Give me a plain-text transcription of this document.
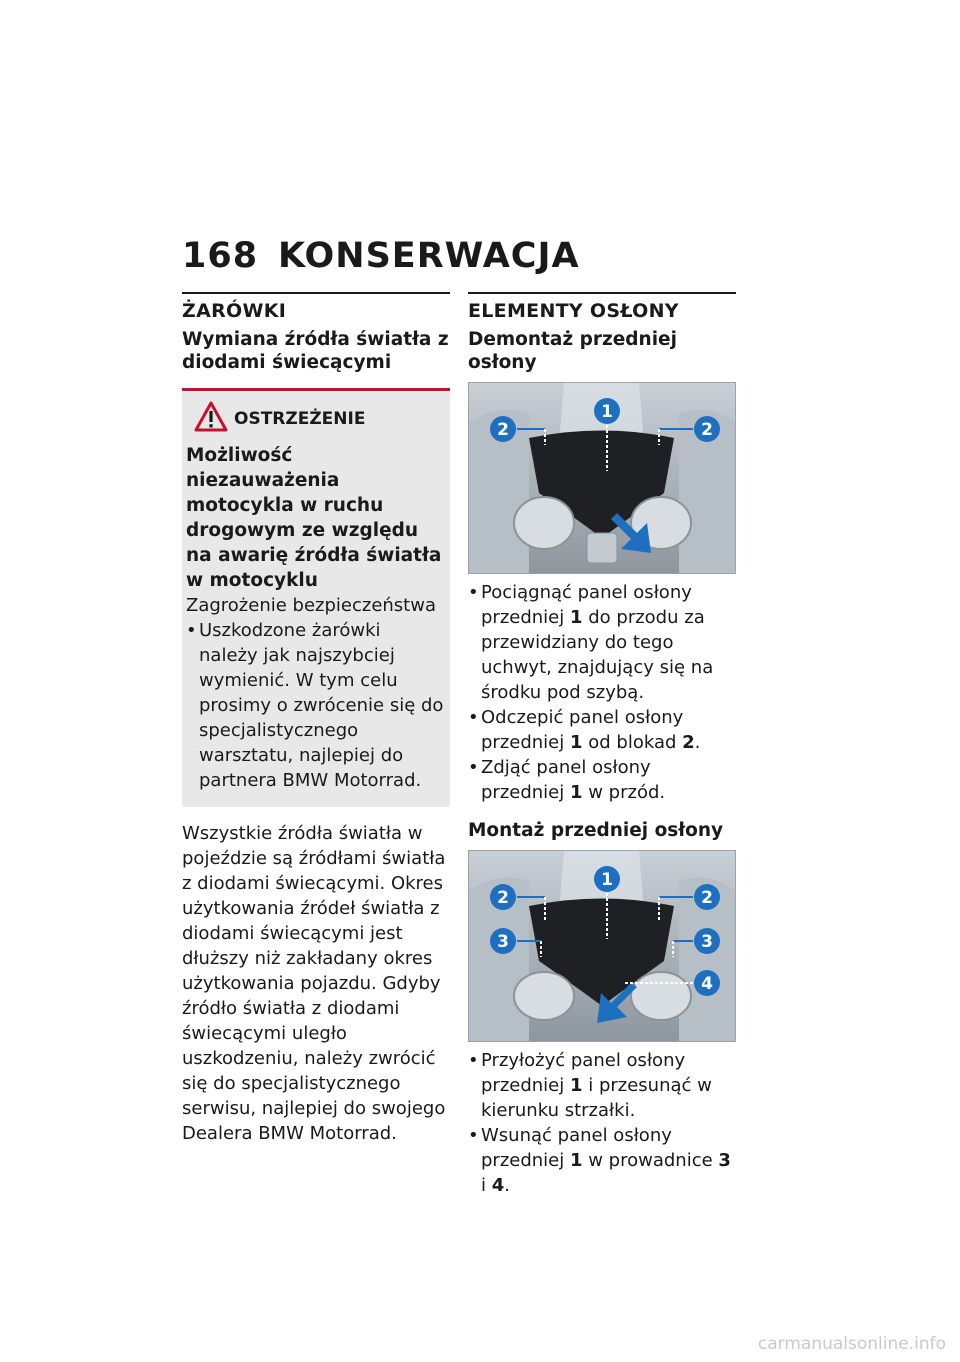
168 KONSERWACJA
ŻARÓWKI
Wymiana źródła światła z diodami świecącymi
OSTRZEŻENIE
Możliwość niezauważenia motocykla w ruchu drogowym ze względu na awarię źródła światła w motocyklu
Zagrożenie bezpieczeństwa
• Uszkodzone żarówki należy jak najszybciej wymienić. W tym celu prosimy o zwrócenie się do specjalistycznego warsztatu, najlepiej do partnera BMW Motorrad.
Wszystkie źródła światła w pojeździe są źródłami światła z diodami świecącymi. Okres użytkowania źródeł światła z diodami świecącymi jest dłuższy niż zakładany okres użytkowania pojazdu. Gdyby źródło światła z diodami świecącymi uległo uszkodzeniu, należy zwrócić się do specjalistycznego serwisu, najlepiej do swojego Dealera BMW Motorrad.
ELEMENTY OSŁONY
Demontaż przedniej osłony
1
2	2
• Pociągnąć panel osłony przedniej 1 do przodu za przewidziany do tego uchwyt, znajdujący się na środku pod szybą.
• Odczepić panel osłony przedniej 1 od blokad 2.
• Zdjąć panel osłony przedniej 1 w przód.
Montaż przedniej osłony
1
2	2
3	3
4
• Przyłożyć panel osłony przedniej 1 i przesunąć w kierunku strzałki.
• Wsunąć panel osłony przedniej 1 w prowadnice 3 i 4.
carmanualsonline.info
